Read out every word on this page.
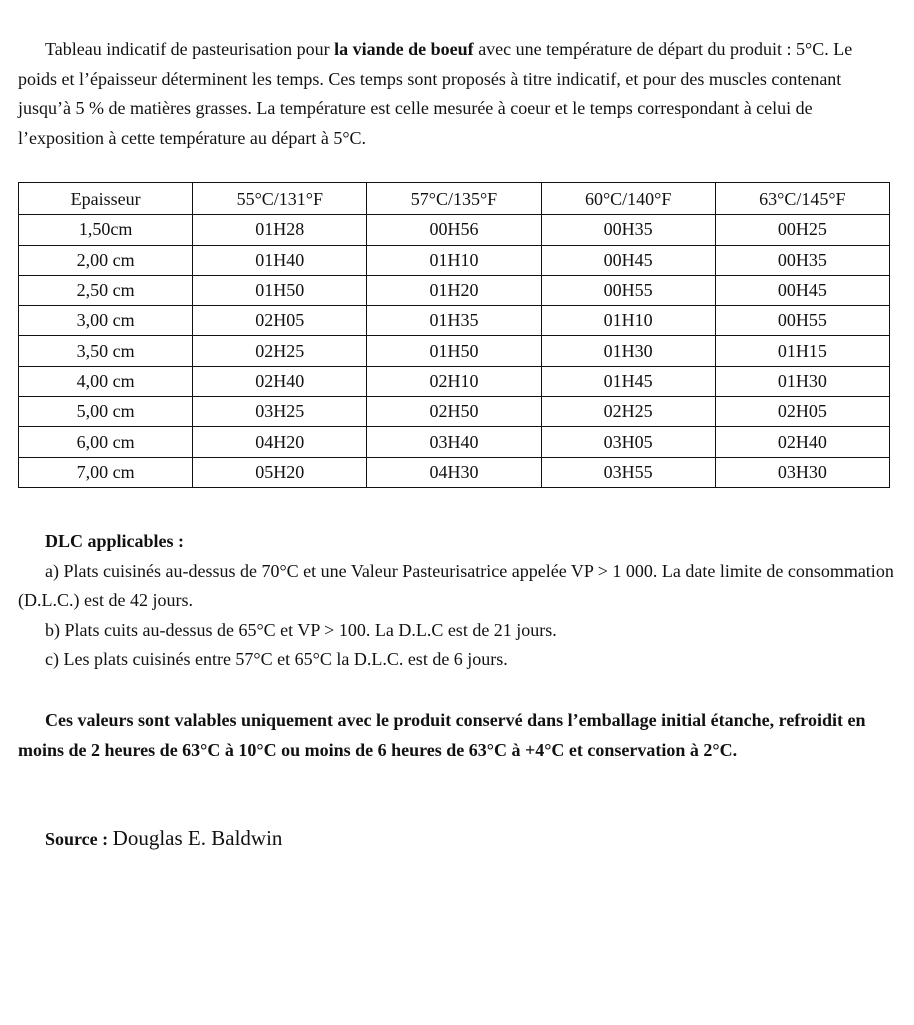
Tableau indicatif de pasteurisation pour la viande de boeuf avec une température de départ du produit : 5°C. Le poids et l’épaisseur déterminent les temps. Ces temps sont proposés à titre indicatif, et pour des muscles contenant jusqu’à 5 % de matières grasses. La température est celle mesurée à coeur et le temps correspondant à celui de l’exposition à cette température au départ à 5°C.

Epaisseur	55°C/131°F	57°C/135°F	60°C/140°F	63°C/145°F
1,50cm	01H28	00H56	00H35	00H25
2,00 cm	01H40	01H10	00H45	00H35
2,50 cm	01H50	01H20	00H55	00H45
3,00 cm	02H05	01H35	01H10	00H55
3,50 cm	02H25	01H50	01H30	01H15
4,00 cm	02H40	02H10	01H45	01H30
5,00 cm	03H25	02H50	02H25	02H05
6,00 cm	04H20	03H40	03H05	02H40
7,00 cm	05H20	04H30	03H55	03H30

DLC applicables :

a) Plats cuisinés au-dessus de 70°C et une Valeur Pasteurisatrice appelée VP > 1 000. La date limite de consommation (D.L.C.) est de 42 jours.

b) Plats cuits au-dessus de 65°C et VP > 100. La D.L.C est de 21 jours.

c) Les plats cuisinés entre 57°C et 65°C la D.L.C. est de 6 jours.

Ces valeurs sont valables uniquement avec le produit conservé dans l’emballage initial étanche, refroidit en moins de 2 heures de 63°C à 10°C ou moins de 6 heures de 63°C à +4°C et conservation à 2°C.

Source : Douglas E. Baldwin
